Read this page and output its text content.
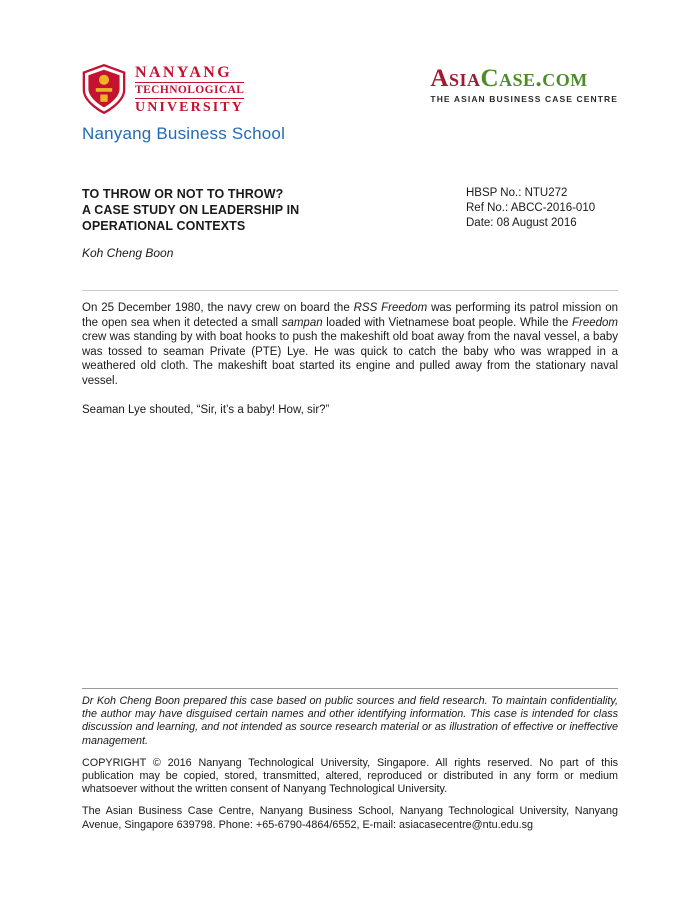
NANYANG
TECHNOLOGICAL
UNIVERSITY
Nanyang Business School
AsiaCase.com
THE ASIAN BUSINESS CASE CENTRE
TO THROW OR NOT TO THROW?
A CASE STUDY ON LEADERSHIP IN
OPERATIONAL CONTEXTS
HBSP No.: NTU272
Ref No.: ABCC-2016-010
Date: 08 August 2016
Koh Cheng Boon

On 25 December 1980, the navy crew on board the RSS Freedom was performing its patrol mission on the open sea when it detected a small sampan loaded with Vietnamese boat people. While the Freedom crew was standing by with boat hooks to push the makeshift old boat away from the naval vessel, a baby was tossed to seaman Private (PTE) Lye. He was quick to catch the baby who was wrapped in a weathered old cloth. The makeshift boat started its engine and pulled away from the stationary naval vessel.

Seaman Lye shouted, “Sir, it’s a baby! How, sir?”

Dr Koh Cheng Boon prepared this case based on public sources and field research. To maintain confidentiality, the author may have disguised certain names and other identifying information. This case is intended for class discussion and learning, and not intended as source research material or as illustration of effective or ineffective management.

COPYRIGHT © 2016 Nanyang Technological University, Singapore. All rights reserved. No part of this publication may be copied, stored, transmitted, altered, reproduced or distributed in any form or medium whatsoever without the written consent of Nanyang Technological University.

The Asian Business Case Centre, Nanyang Business School, Nanyang Technological University, Nanyang Avenue, Singapore 639798. Phone: +65-6790-4864/6552, E-mail: asiacasecentre@ntu.edu.sg
